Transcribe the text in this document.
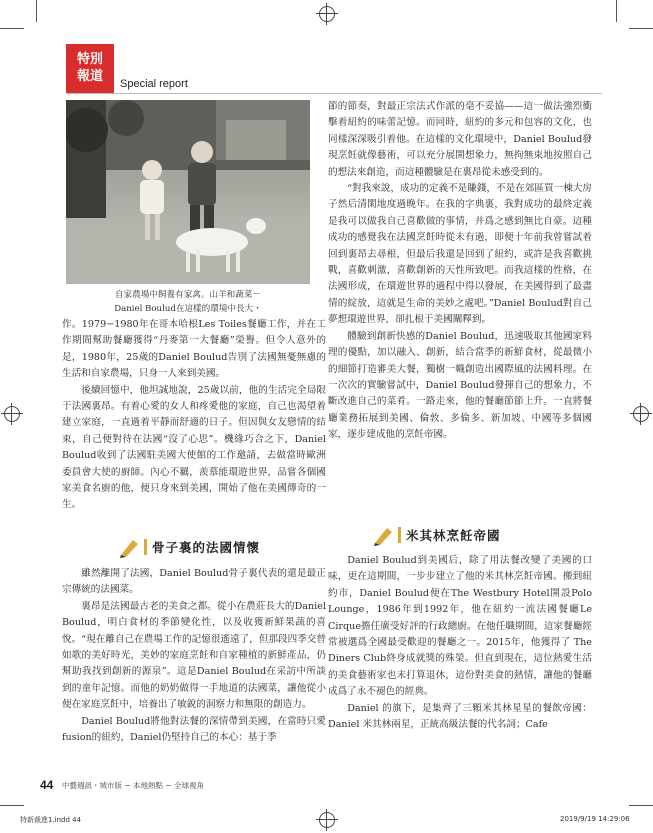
特別
報道	Special report
自家農場中飼養有家禽。山羊和蔬菜－
Daniel Boulud在這樣的環境中長大・

作。1979−1980年在哥本哈根Les Toiles餐廳工作，并在工作期間幫助餐廳獲得“丹麥第一大餐廳”榮譽。但令人意外的是，1980年，25歲的Daniel Boulud告別了法國無憂無慮的生活和自家農場，只身一人來到美國。

後續回憶中，他坦誠地說，25歲以前，他的生活完全局限于法國裏昂。有着心愛的女人和疼愛他的家庭，自己也渴望着建立家庭，一直過着平靜而舒適的日子。但因與女友戀情的結束，自己便對待在法國“沒了心思”。機緣巧合之下，Daniel Boulud收到了法國駐美國大使館的工作邀請，去做當時歐洲委員會大使的廚師。內心不羈，羨慕能環遊世界，品嘗各個國家美食名廚的他，便只身來到美國，開始了他在美國傳奇的一生。

骨子裏的法國情懷

雖然離開了法國，Daniel Boulud骨子裏代表的還是最正宗傳統的法國菜。

裏昂是法國最古老的美食之都。從小在農莊長大的Daniel Boulud，明白食材的季節變化性，以及收獲新鮮果蔬的喜悅。“現在離自己在農場工作的記憶很遙遠了，但那段四季交替如歌的美好時光，美妙的家庭烹飪和自家種植的新鮮產品，仍幫助我找到創新的源泉”。這是Daniel Boulud在采訪中所談到的童年記憶。而他的奶奶做得一手地道的法國菜，讓他從小便在家庭烹飪中，培養出了敏銳的洞察力和無限的創造力。

Daniel Boulud將他對法餐的深情帶到美國，在當時只愛 fusion的紐約，Daniel仍堅持自己的本心：基于季

節的節奏，對最正宗法式作派的毫不妥協——這一做法強烈衝擊着紐約的味蕾記憶。而同時，紐約的多元和包容的文化，也同樣深深吸引着他。在這樣的文化環境中，Daniel Boulud發現烹飪就像藝術，可以充分展開想象力，無拘無束地按照自己的想法來創造，而這種體驗是在裏昂從未感受到的。

“對我來說，成功的定義不是賺錢，不是在郊區買一棟大房子然后清閑地度過晚年。在我的字典裏，我對成功的最終定義是我可以做我自己喜歡做的事情，并爲之感到無比自豪。這種成功的感覺我在法國烹飪時從未有過，即便十年前我曾嘗試着回到裏昂去尋根，但最后我還是回到了紐約，或許是我喜歡挑戰，喜歡刺激，喜歡創新的天性所致吧。而我這樣的性格，在法國形成，在環遊世界的過程中得以發展，在美國得到了最盡情的綻放，這就是生命的美妙之處吧。”Daniel Boulud對自己夢想環遊世界，卻扎根于美國闡釋到。

體驗到創新快感的Daniel Boulud，迅速吸取其他國家料理的優點，加以融入、創新，結合當季的新鮮食材，從最微小的細節打造審美大餐，獨樹一幟創造出國際風的法國料理。在一次次的實驗嘗試中，Daniel Boulud發揮自己的想象力，不斷改進自己的菜肴。一路走來，他的餐廳節節上升。一直將餐廳業務拓展到美國、倫敦、多倫多、新加坡、中國等多個國家，逐步建成他的烹飪帝國。

米其林烹飪帝國

Daniel Boulud到美國后，除了用法餐改變了美國的口味，更在這期間，一步步建立了他的米其林烹飪帝國。搬到紐約市，Daniel Boulud便在The Westbury Hotel開設Polo Lounge，1986年到1992年，他在紐約一流法國餐廳Le Cirque擔任廣受好評的行政總廚。在他任職期間，這家餐廳經常被選爲全國最受歡迎的餐廳之一。2015年，他獲得了 The Diners Club終身成就獎的殊榮。但直到現在，這位熱愛生活的美食藝術家也未打算退休，這份對美食的熱情，讓他的餐廳成爲了永不褪色的經典。

Daniel 的旗下，是集齊了三顆米其林星星的餐飲帝國：Daniel 米其林兩星，正統高級法餐的代名詞；Cafe

44 中藝週訊・城市版 − 本地熱點 − 全球視角
特新裁進1.indd 44	2019/9/19 14:29:06
